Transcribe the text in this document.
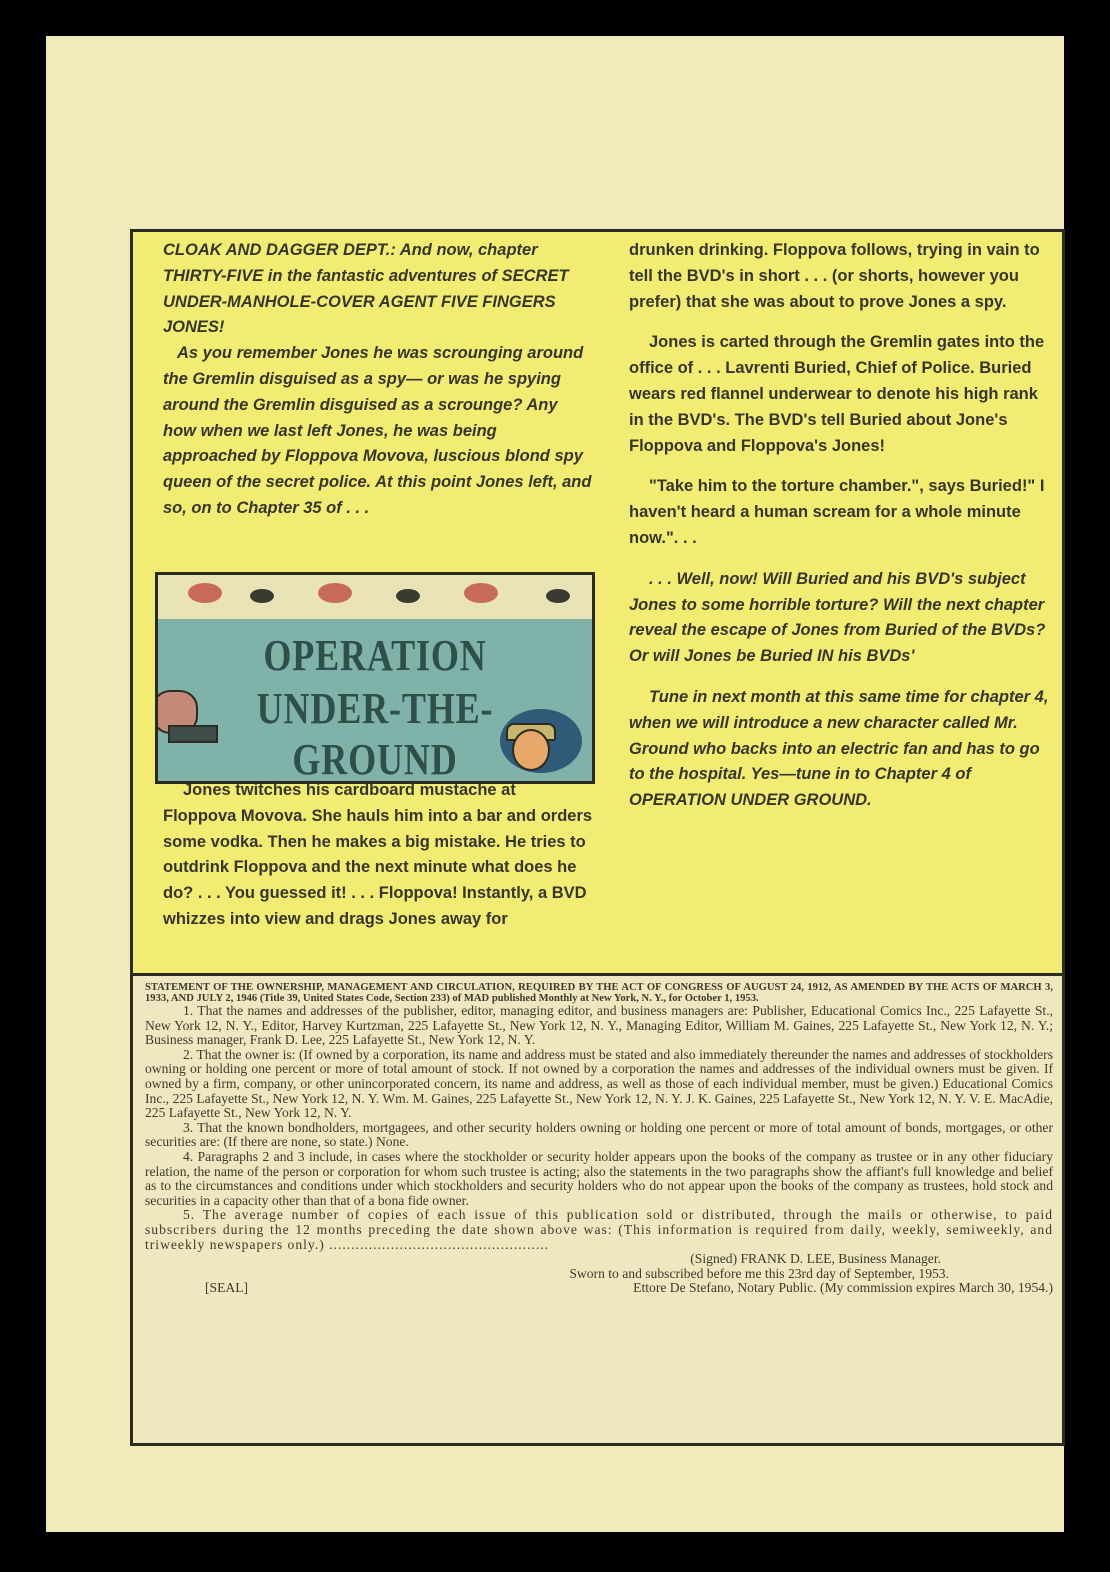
CLOAK AND DAGGER DEPT.: And now, chapter THIRTY-FIVE in the fantastic adventures of SECRET UNDER-MANHOLE-COVER AGENT FIVE FINGERS JONES!

As you remember Jones he was scrounging around the Gremlin disguised as a spy— or was he spying around the Gremlin disguised as a scrounge? Any how when we last left Jones, he was being approached by Floppova Movova, luscious blond spy queen of the secret police. At this point Jones left, and so, on to Chapter 35 of . . .

OPERATION
UNDER-THE-GROUND

Jones twitches his cardboard mustache at Floppova Movova. She hauls him into a bar and orders some vodka. Then he makes a big mistake. He tries to outdrink Floppova and the next minute what does he do? . . . You guessed it! . . . Floppova! Instantly, a BVD whizzes into view and drags Jones away for

drunken drinking. Floppova follows, trying in vain to tell the BVD's in short . . . (or shorts, however you prefer) that she was about to prove Jones a spy.

Jones is carted through the Gremlin gates into the office of . . . Lavrenti Buried, Chief of Police. Buried wears red flannel underwear to denote his high rank in the BVD's. The BVD's tell Buried about Jone's Floppova and Floppova's Jones!

"Take him to the torture chamber.", says Buried!" I haven't heard a human scream for a whole minute now.". . .

. . . Well, now! Will Buried and his BVD's subject Jones to some horrible torture? Will the next chapter reveal the escape of Jones from Buried of the BVDs? Or will Jones be Buried IN his BVDs'

Tune in next month at this same time for chapter 4, when we will introduce a new character called Mr. Ground who backs into an electric fan and has to go to the hospital. Yes—tune in to Chapter 4 of OPERATION UNDER GROUND.

STATEMENT OF THE OWNERSHIP, MANAGEMENT AND CIRCULATION, REQUIRED BY THE ACT OF CONGRESS OF AUGUST 24, 1912, AS AMENDED BY THE ACTS OF MARCH 3, 1933, AND JULY 2, 1946 (Title 39, United States Code, Section 233) of MAD published Monthly at New York, N. Y., for October 1, 1953.

1. That the names and addresses of the publisher, editor, managing editor, and business managers are: Publisher, Educational Comics Inc., 225 Lafayette St., New York 12, N. Y., Editor, Harvey Kurtzman, 225 Lafayette St., New York 12, N. Y., Managing Editor, William M. Gaines, 225 Lafayette St., New York 12, N. Y.; Business manager, Frank D. Lee, 225 Lafayette St., New York 12, N. Y.

2. That the owner is: (If owned by a corporation, its name and address must be stated and also immediately thereunder the names and addresses of stockholders owning or holding one percent or more of total amount of stock. If not owned by a corporation the names and addresses of the individual owners must be given. If owned by a firm, company, or other unincorporated concern, its name and address, as well as those of each individual member, must be given.) Educational Comics Inc., 225 Lafayette St., New York 12, N. Y. Wm. M. Gaines, 225 Lafayette St., New York 12, N. Y. J. K. Gaines, 225 Lafayette St., New York 12, N. Y. V. E. MacAdie, 225 Lafayette St., New York 12, N. Y.

3. That the known bondholders, mortgagees, and other security holders owning or holding one percent or more of total amount of bonds, mortgages, or other securities are: (If there are none, so state.) None.

4. Paragraphs 2 and 3 include, in cases where the stockholder or security holder appears upon the books of the company as trustee or in any other fiduciary relation, the name of the person or corporation for whom such trustee is acting; also the statements in the two paragraphs show the affiant's full knowledge and belief as to the circumstances and conditions under which stockholders and security holders who do not appear upon the books of the company as trustees, hold stock and securities in a capacity other than that of a bona fide owner.

5. The average number of copies of each issue of this publication sold or distributed, through the mails or otherwise, to paid subscribers during the 12 months preceding the date shown above was: (This information is required from daily, weekly, semiweekly, and triweekly newspapers only.) ..................................................

(Signed) FRANK D. LEE, Business Manager.

Sworn to and subscribed before me this 23rd day of September, 1953.

[SEAL]	Ettore De Stefano, Notary Public. (My commission expires March 30, 1954.)
